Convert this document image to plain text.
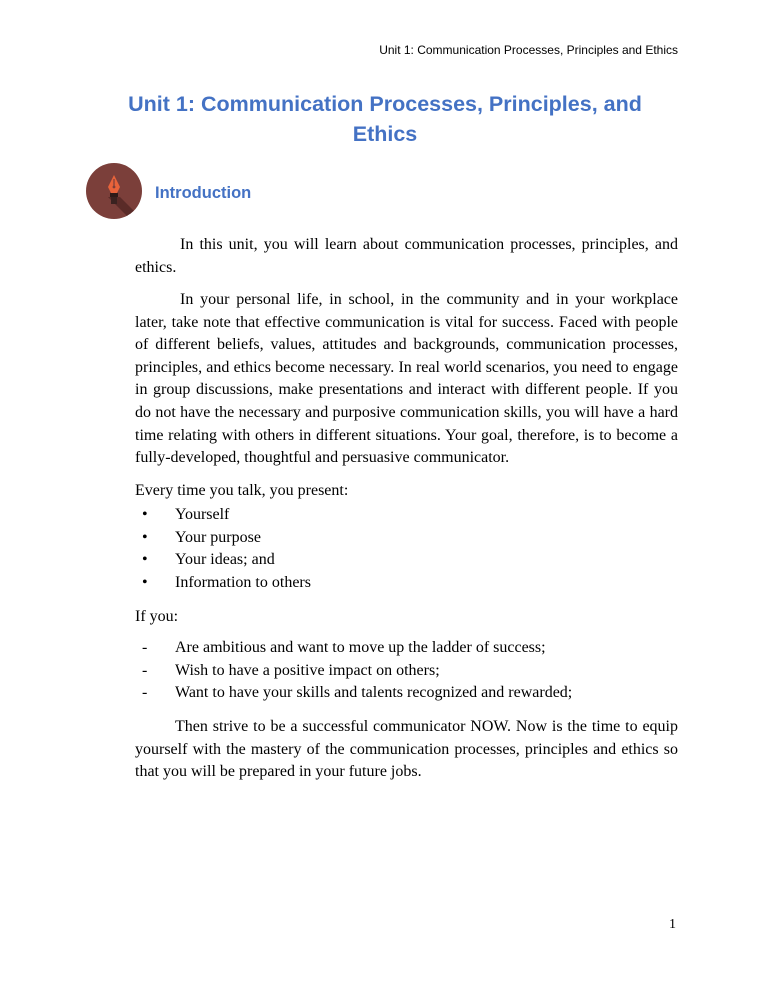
Unit 1: Communication Processes, Principles and Ethics
Unit 1: Communication Processes, Principles, and
Ethics
Introduction

In this unit, you will learn about communication processes, principles, and ethics.

In your personal life, in school, in the community and in your workplace later, take note that effective communication is vital for success. Faced with people of different beliefs, values, attitudes and backgrounds, communication processes, principles, and ethics become necessary. In real world scenarios, you need to engage in group discussions, make presentations and interact with different people. If you do not have the necessary and purposive communication skills, you will have a hard time relating with others in different situations. Your goal, therefore, is to become a fully-developed, thoughtful and persuasive communicator.

Every time you talk, you present:

• Yourself
• Your purpose
• Your ideas; and
• Information to others

If you:

- Are ambitious and want to move up the ladder of success;
- Wish to have a positive impact on others;
- Want to have your skills and talents recognized and rewarded;

Then strive to be a successful communicator NOW. Now is the time to equip yourself with the mastery of the communication processes, principles and ethics so that you will be prepared in your future jobs.

1
